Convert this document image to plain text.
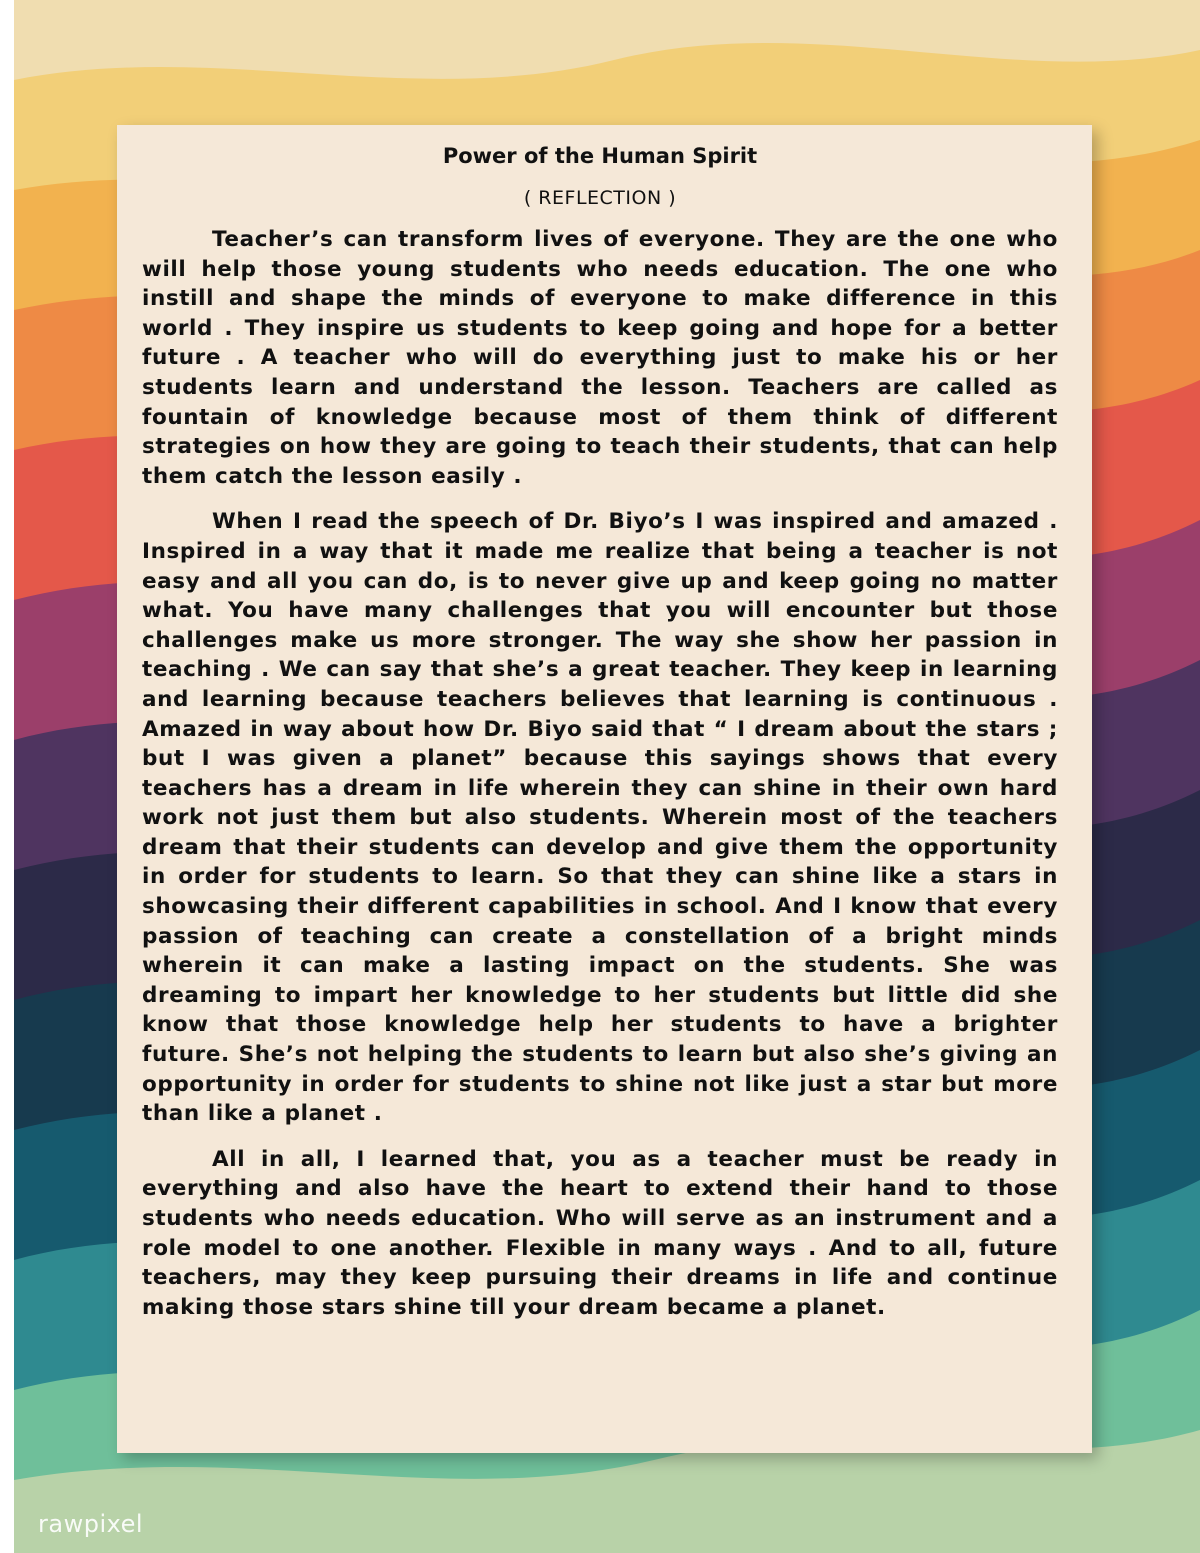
Power of the Human Spirit
( REFLECTION )

Teacher’s can transform lives of everyone. They are the one who will help those young students who needs education. The one who instill and shape the minds of everyone to make difference in this world . They inspire us students to keep going and hope for a better future . A teacher who will do everything just to make his or her students learn and understand the lesson. Teachers are called as fountain of knowledge because most of them think of different strategies on how they are going to teach their students, that can help them catch the lesson easily .

When I read the speech of Dr. Biyo’s I was inspired and amazed . Inspired in a way that it made me realize that being a teacher is not easy and all you can do, is to never give up and keep going no matter what. You have many challenges that you will encounter but those challenges make us more stronger. The way she show her passion in teaching . We can say that she’s a great teacher. They keep in learning and learning because teachers believes that learning is continuous . Amazed in way about how Dr. Biyo said that “ I dream about the stars ; but I was given a planet” because this sayings shows that every teachers has a dream in life wherein they can shine in their own hard work not just them but also students. Wherein most of the teachers dream that their students can develop and give them the opportunity in order for students to learn. So that they can shine like a stars in showcasing their different capabilities in school. And I know that every passion of teaching can create a constellation of a bright minds wherein it can make a lasting impact on the students. She was dreaming to impart her knowledge to her students but little did she know that those knowledge help her students to have a brighter future. She’s not helping the students to learn but also she’s giving an opportunity in order for students to shine not like just a star but more than like a planet .

All in all, I learned that, you as a teacher must be ready in everything and also have the heart to extend their hand to those students who needs education. Who will serve as an instrument and a role model to one another. Flexible in many ways . And to all, future teachers, may they keep pursuing their dreams in life and continue making those stars shine till your dream became a planet.

rawpixel
